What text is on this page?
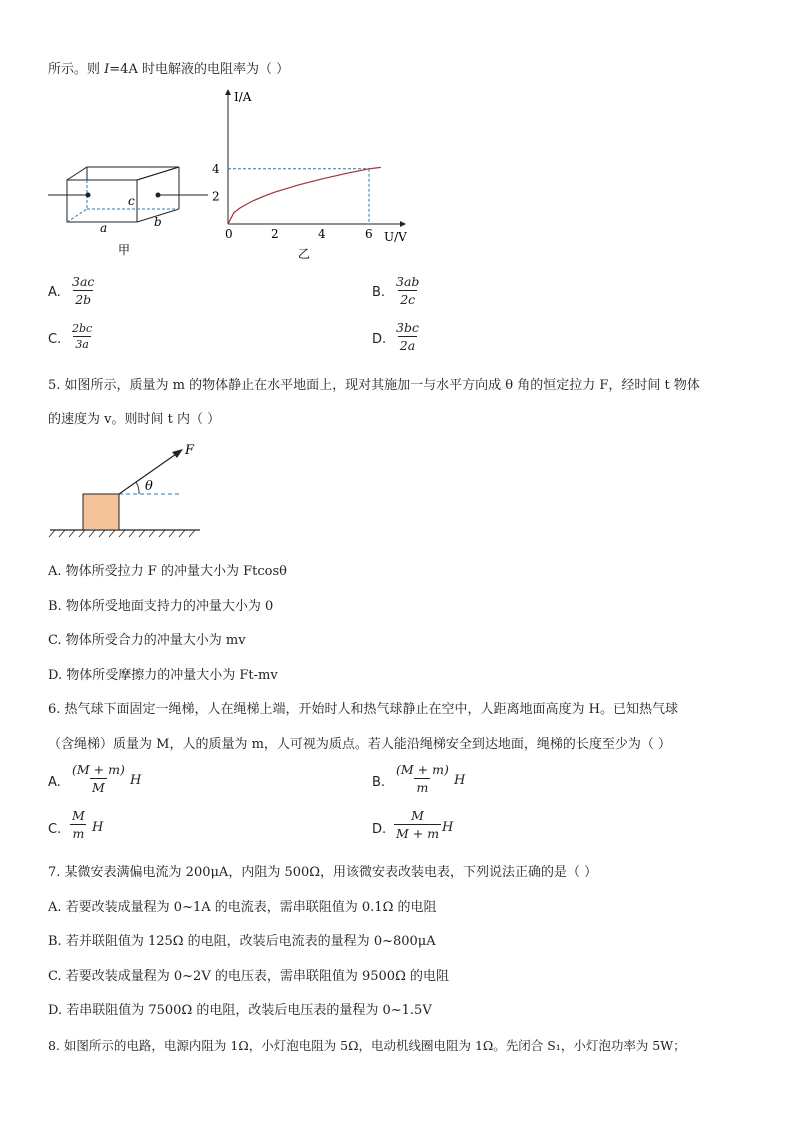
所示。则 I=4A 时电解液的电阻率为（ ）
c
a	b
甲
I/A
U/V
0	2	4	6
2
4
乙
A. $\frac{3ac}{2b}$	B. $\frac{3ab}{2c}$
C. $\frac{2bc}{3a}$	D. $\frac{3bc}{2a}$
5. 如图所示，质量为 m 的物体静止在水平地面上，现对其施加一与水平方向成 θ 角的恒定拉力 F，经时间 t 物体
的速度为 v。则时间 t 内（ ）
F
θ
A. 物体所受拉力 F 的冲量大小为 Ftcosθ
B. 物体所受地面支持力的冲量大小为 0
C. 物体所受合力的冲量大小为 mv
D. 物体所受摩擦力的冲量大小为 Ft-mv
6. 热气球下面固定一绳梯，人在绳梯上端，开始时人和热气球静止在空中，人距离地面高度为 H。已知热气球
（含绳梯）质量为 M，人的质量为 m，人可视为质点。若人能沿绳梯安全到达地面，绳梯的长度至少为（ ）
A. $\frac{(M + m)}{M}$ H	B. $\frac{(M + m)}{m}$ H
C. $\frac{M}{m}$ H	D. $\frac{M}{M + m}$ H
7. 某微安表满偏电流为 200μA，内阻为 500Ω，用该微安表改装电表，下列说法正确的是（ ）
A. 若要改装成量程为 0~1A 的电流表，需串联阻值为 0.1Ω 的电阻
B. 若并联阻值为 125Ω 的电阻，改装后电流表的量程为 0~800μA
C. 若要改装成量程为 0~2V 的电压表，需串联阻值为 9500Ω 的电阻
D. 若串联阻值为 7500Ω 的电阻，改装后电压表的量程为 0~1.5V
8. 如图所示的电路，电源内阻为 1Ω，小灯泡电阻为 5Ω，电动机线圈电阻为 1Ω。先闭合 S₁，小灯泡功率为 5W；
